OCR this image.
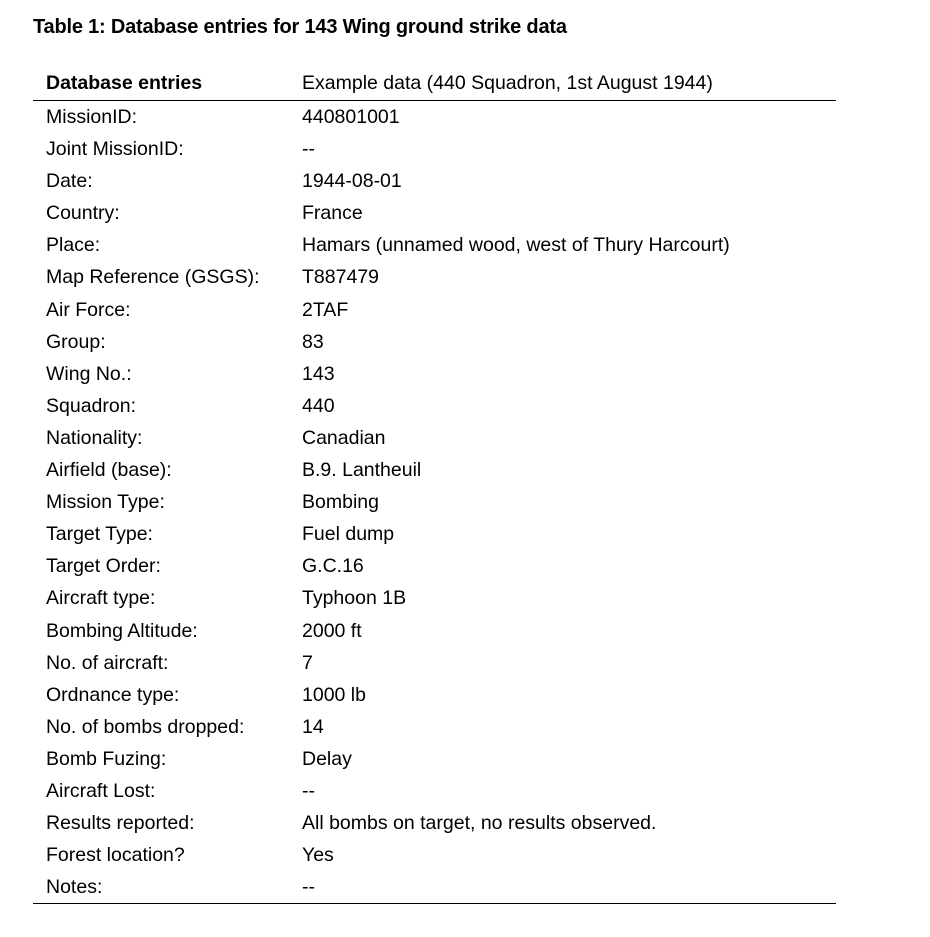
Table 1: Database entries for 143 Wing ground strike data
Database entries	Example data (440 Squadron, 1st August 1944)
MissionID:	440801001
Joint MissionID:	--
Date:	1944-08-01
Country:	France
Place:	Hamars (unnamed wood, west of Thury Harcourt)
Map Reference (GSGS): T887479
Air Force:	2TAF
Group:	83
Wing No.:	143
Squadron:	440
Nationality:	Canadian
Airfield (base):	B.9. Lantheuil
Mission Type:	Bombing
Target Type:	Fuel dump
Target Order:	G.C.16
Aircraft type:	Typhoon 1B
Bombing Altitude:	2000 ft
No. of aircraft:	7
Ordnance type:	1000 lb
No. of bombs dropped:	14
Bomb Fuzing:	Delay
Aircraft Lost:	--
Results reported:	All bombs on target, no results observed.
Forest location?	Yes
Notes:	--
